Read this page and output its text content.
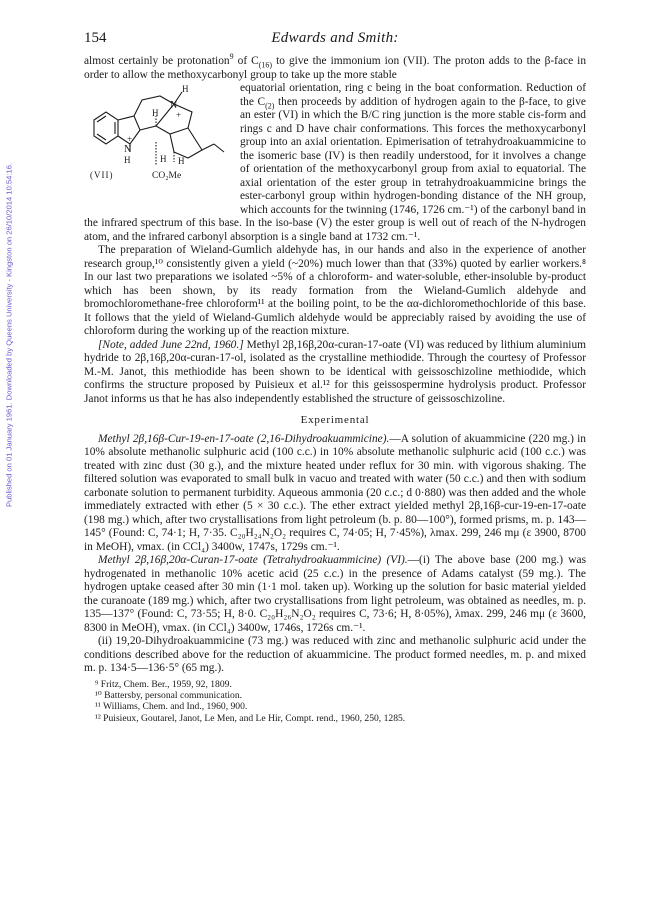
Published on 01 January 1961. Downloaded by Queens University - Kingston on 26/10/2014 10:54:16.
154	Edwards and Smith:

almost certainly be protonation$^9$ of $C_{(16)}$ to give the immonium ion (VII). The proton adds to the β-face in order to allow the methoxycarbonyl group to take up the more stable

N
+
H
H
+
N
H	H H
CO₂Me
(VII)

equatorial orientation, ring c being in the boat conformation. Reduction of the $C_{(2)}$ then proceeds by addition of hydrogen again to the β-face, to give an ester (VI) in which the B/C ring junction is the more stable cis-form and rings c and D have chair conformations. This forces the methoxycarbonyl group into an axial orientation. Epimerisation of tetrahydroakuammicine to the isomeric base (IV) is then readily understood, for it involves a change of orientation of the methoxycarbonyl group from axial to equatorial. The axial orientation of the ester group in tetrahydroakuammicine brings the ester-carbonyl group within hydrogen-bonding distance of the NH group, which accounts for the twinning (1746, 1726 cm.⁻¹) of the carbonyl band in the infrared spectrum of this base. In the iso-base (V) the ester group is well out of reach of the N-hydrogen atom, and the infrared carbonyl absorption is a single band at 1732 cm.⁻¹.

The preparation of Wieland-Gumlich aldehyde has, in our hands and also in the experience of another research group,¹⁰ consistently given a yield (~20%) much lower than that (33%) quoted by earlier workers.⁸ In our last two preparations we isolated ~5% of a chloroform- and water-soluble, ether-insoluble by-product which has been shown, by its ready formation from the Wieland-Gumlich aldehyde and bromochloromethane-free chloroform¹¹ at the boiling point, to be the αα-dichloromethochloride of this base. It follows that the yield of Wieland-Gumlich aldehyde would be appreciably raised by avoiding the use of chloroform during the working up of the reaction mixture.

[Note, added June 22nd, 1960.] Methyl 2β,16β,20α-curan-17-oate (VI) was reduced by lithium aluminium hydride to 2β,16β,20α-curan-17-ol, isolated as the crystalline methiodide. Through the courtesy of Professor M.-M. Janot, this methiodide has been shown to be identical with geissoschizoline methiodide, which confirms the structure proposed by Puisieux et al.¹² for this geissospermine hydrolysis product. Professor Janot informs us that he has also independently established the structure of geissoschizoline.

Experimental

Methyl 2β,16β-Cur-19-en-17-oate (2,16-Dihydroakuammicine).—A solution of akuammicine (220 mg.) in 10% absolute methanolic sulphuric acid (100 c.c.) in 10% absolute methanolic sulphuric acid (100 c.c.) was treated with zinc dust (30 g.), and the mixture heated under reflux for 30 min. with vigorous shaking. The filtered solution was evaporated to small bulk in vacuo and treated with water (50 c.c.) and then with sodium carbonate solution to permanent turbidity. Aqueous ammonia (20 c.c.; d 0·880) was then added and the whole immediately extracted with ether (5 × 30 c.c.). The ether extract yielded methyl 2β,16β-cur-19-en-17-oate (198 mg.) which, after two crystallisations from light petroleum (b. p. 80—100°), formed prisms, m. p. 143—145° (Found: C, 74·1; H, 7·35. C₂₀H₂₄N₂O₂ requires C, 74·05; H, 7·45%), λmax. 299, 246 mμ (ε 3900, 8700 in MeOH), νmax. (in CCl₄) 3400w, 1747s, 1729s cm.⁻¹.

Methyl 2β,16β,20α-Curan-17-oate (Tetrahydroakuammicine) (VI).—(i) The above base (200 mg.) was hydrogenated in methanolic 10% acetic acid (25 c.c.) in the presence of Adams catalyst (59 mg.). The hydrogen uptake ceased after 30 min (1·1 mol. taken up). Working up the solution for basic material yielded the curanoate (189 mg.) which, after two crystallisations from light petroleum, was obtained as needles, m. p. 135—137° (Found: C, 73·55; H, 8·0. C₂₀H₂₆N₂O₂ requires C, 73·6; H, 8·05%), λmax. 299, 246 mμ (ε 3600, 8300 in MeOH), νmax. (in CCl₄) 3400w, 1746s, 1726s cm.⁻¹.

(ii) 19,20-Dihydroakuammicine (73 mg.) was reduced with zinc and methanolic sulphuric acid under the conditions described above for the reduction of akuammicine. The product formed needles, m. p. and mixed m. p. 134·5—136·5° (65 mg.).

⁹ Fritz, Chem. Ber., 1959, 92, 1809.
¹⁰ Battersby, personal communication.
¹¹ Williams, Chem. and Ind., 1960, 900.
¹² Puisieux, Goutarel, Janot, Le Men, and Le Hir, Compt. rend., 1960, 250, 1285.
